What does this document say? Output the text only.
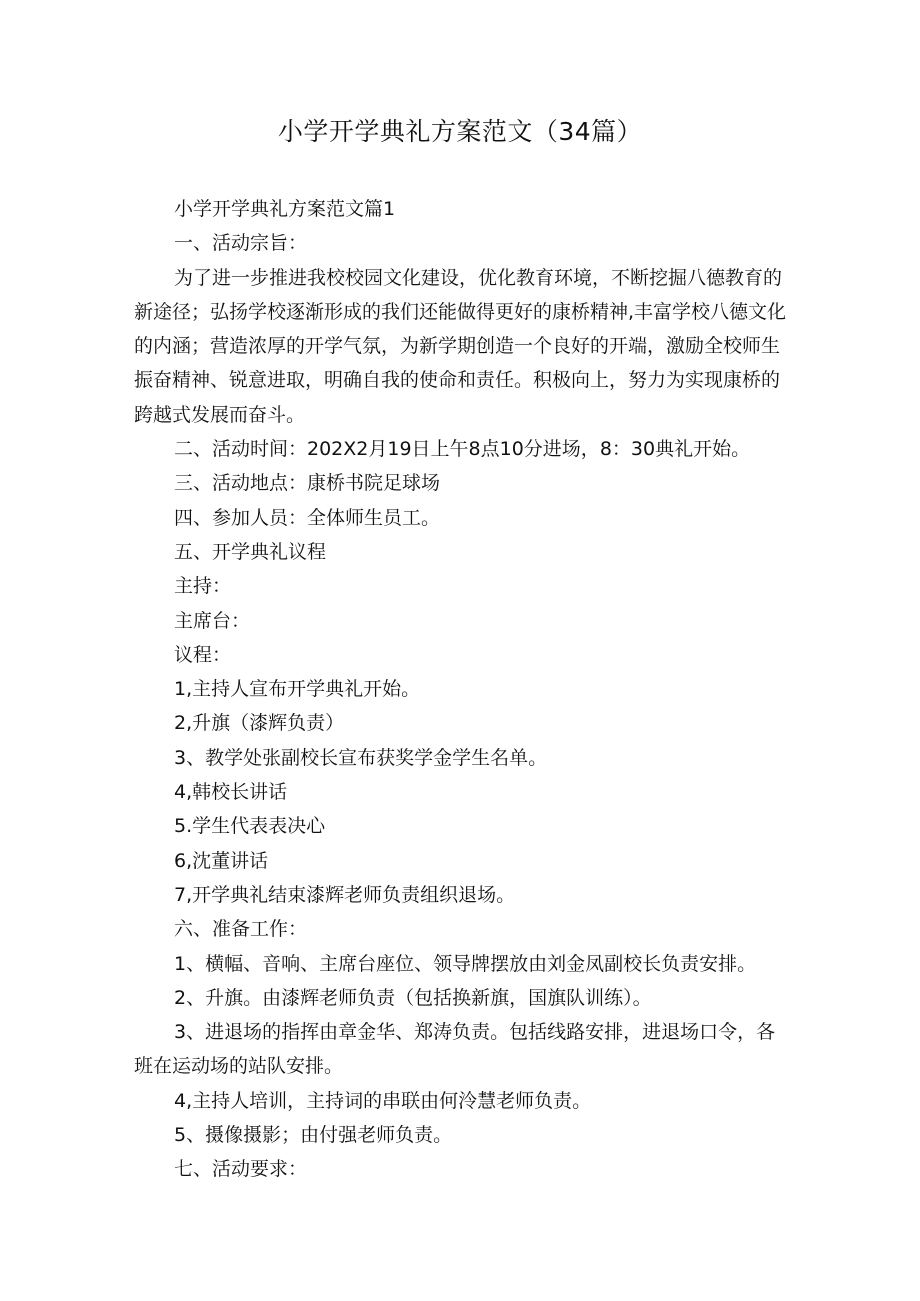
小学开学典礼方案范文（34篇）

小学开学典礼方案范文篇1

一、活动宗旨：

为了进一步推进我校校园文化建设，优化教育环境，不断挖掘八德教育的新途径；弘扬学校逐渐形成的我们还能做得更好的康桥精神,丰富学校八德文化的内涵；营造浓厚的开学气氛，为新学期创造一个良好的开端，激励全校师生振奋精神、锐意进取，明确自我的使命和责任。积极向上，努力为实现康桥的跨越式发展而奋斗。

二、活动时间：202X2月19日上午8点10分进场，8：30典礼开始。

三、活动地点：康桥书院足球场

四、参加人员：全体师生员工。

五、开学典礼议程

主持：

主席台：

议程：

1,主持人宣布开学典礼开始。

2,升旗（漆辉负责）

3、教学处张副校长宣布获奖学金学生名单。

4,韩校长讲话

5.学生代表表决心

6,沈董讲话

7,开学典礼结束漆辉老师负责组织退场。

六、准备工作：

1、横幅、音响、主席台座位、领导牌摆放由刘金凤副校长负责安排。

2、升旗。由漆辉老师负责（包括换新旗，国旗队训练）。

3、进退场的指挥由章金华、郑涛负责。包括线路安排，进退场口令，各班在运动场的站队安排。

4,主持人培训，主持词的串联由何泠慧老师负责。

5、摄像摄影；由付强老师负责。

七、活动要求：
